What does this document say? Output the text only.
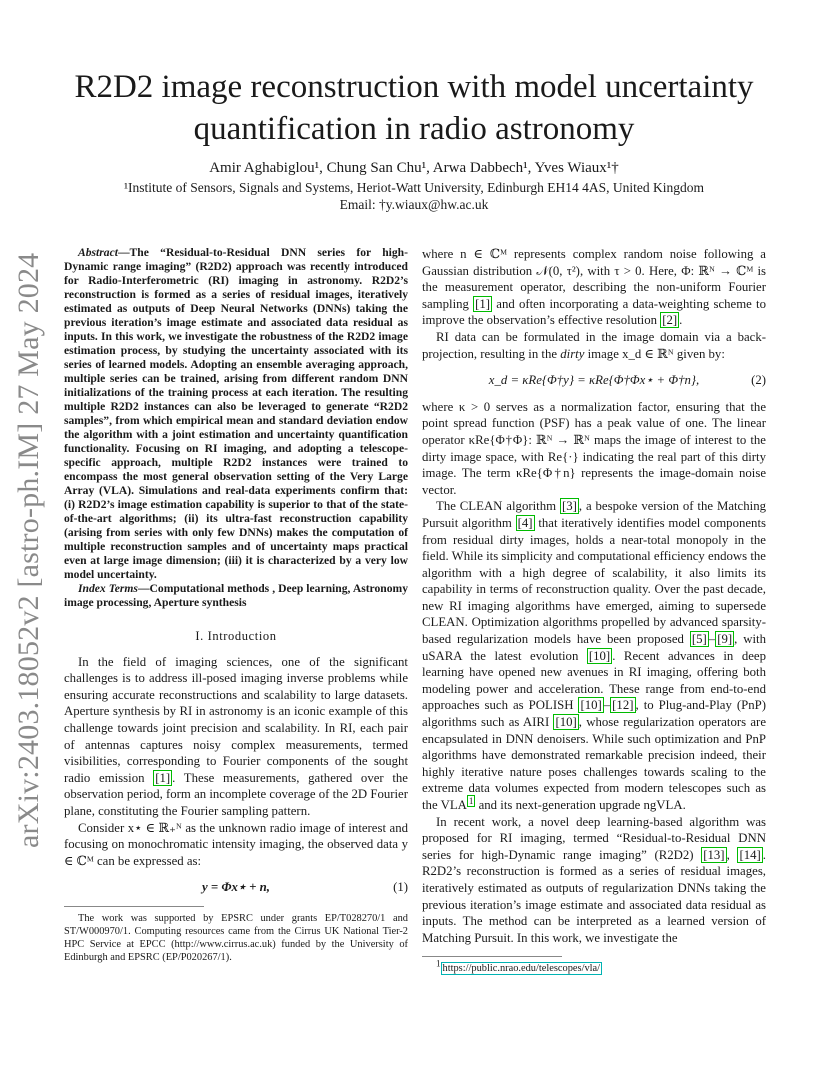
arXiv:2403.18052v2 [astro-ph.IM] 27 May 2024
R2D2 image reconstruction with model uncertainty quantification in radio astronomy
Amir Aghabiglou¹, Chung San Chu¹, Arwa Dabbech¹, Yves Wiaux¹†
¹Institute of Sensors, Signals and Systems, Heriot-Watt University, Edinburgh EH14 4AS, United Kingdom
Email: †y.wiaux@hw.ac.uk

Abstract—The “Residual-to-Residual DNN series for high-Dynamic range imaging” (R2D2) approach was recently introduced for Radio-Interferometric (RI) imaging in astronomy. R2D2’s reconstruction is formed as a series of residual images, iteratively estimated as outputs of Deep Neural Networks (DNNs) taking the previous iteration’s image estimate and associated data residual as inputs. In this work, we investigate the robustness of the R2D2 image estimation process, by studying the uncertainty associated with its series of learned models. Adopting an ensemble averaging approach, multiple series can be trained, arising from different random DNN initializations of the training process at each iteration. The resulting multiple R2D2 instances can also be leveraged to generate “R2D2 samples”, from which empirical mean and standard deviation endow the algorithm with a joint estimation and uncertainty quantification functionality. Focusing on RI imaging, and adopting a telescope-specific approach, multiple R2D2 instances were trained to encompass the most general observation setting of the Very Large Array (VLA). Simulations and real-data experiments confirm that: (i) R2D2’s image estimation capability is superior to that of the state-of-the-art algorithms; (ii) its ultra-fast reconstruction capability (arising from series with only few DNNs) makes the computation of multiple reconstruction samples and of uncertainty maps practical even at large image dimension; (iii) it is characterized by a very low model uncertainty.

Index Terms—Computational methods , Deep learning, Astronomy image processing, Aperture synthesis

I. Introduction

In the field of imaging sciences, one of the significant challenges is to address ill-posed imaging inverse problems while ensuring accurate reconstructions and scalability to large datasets. Aperture synthesis by RI in astronomy is an iconic example of this challenge towards joint precision and scalability. In RI, each pair of antennas captures noisy complex measurements, termed visibilities, corresponding to Fourier components of the sought radio emission [1] . These measurements, gathered over the observation period, form an incomplete coverage of the 2D Fourier plane, constituting the Fourier sampling pattern.

Consider x⋆ ∈ ℝ₊ᴺ as the unknown radio image of interest and focusing on monochromatic intensity imaging, the observed data y ∈ ℂᴹ can be expressed as:

y = Φx⋆ + n,	(1)

The work was supported by EPSRC under grants EP/T028270/1 and ST/W000970/1. Computing resources came from the Cirrus UK National Tier-2 HPC Service at EPCC (http://www.cirrus.ac.uk) funded by the University of Edinburgh and EPSRC (EP/P020267/1).

where n ∈ ℂᴹ represents complex random noise following a Gaussian distribution 𝒩(0, τ²), with τ > 0. Here, Φ: ℝᴺ → ℂᴹ is the measurement operator, describing the non-uniform Fourier sampling [1] and often incorporating a data-weighting scheme to improve the observation’s effective resolution [2] .

RI data can be formulated in the image domain via a back-projection, resulting in the dirty image x_d ∈ ℝᴺ given by:

x_d = κRe{Φ†y} = κRe{Φ†Φx⋆ + Φ†n},	(2)

where κ > 0 serves as a normalization factor, ensuring that the point spread function (PSF) has a peak value of one. The linear operator κRe{Φ†Φ}: ℝᴺ → ℝᴺ maps the image of interest to the dirty image space, with Re{·} indicating the real part of this dirty image. The term κRe{Φ†n} represents the image-domain noise vector.

The CLEAN algorithm [3] , a bespoke version of the Matching Pursuit algorithm [4] that iteratively identifies model components from residual dirty images, holds a near-total monopoly in the field. While its simplicity and computational efficiency endows the algorithm with a high degree of scalability, it also limits its capability in terms of reconstruction quality. Over the past decade, new RI imaging algorithms have emerged, aiming to supersede CLEAN. Optimization algorithms propelled by advanced sparsity-based regularization models have been proposed [5] – [9] , with uSARA the latest evolution [10] . Recent advances in deep learning have opened new avenues in RI imaging, offering both modeling power and acceleration. These range from end-to-end approaches such as POLISH [10] – [12] , to Plug-and-Play (PnP) algorithms such as AIRI [10] , whose regularization operators are encapsulated in DNN denoisers. While such optimization and PnP algorithms have demonstrated remarkable precision indeed, their highly iterative nature poses challenges towards scaling to the extreme data volumes expected from modern telescopes such as the VLA $^1$ and its next-generation upgrade ngVLA.

In recent work, a novel deep learning-based algorithm was proposed for RI imaging, termed “Residual-to-Residual DNN series for high-Dynamic range imaging” (R2D2) [13] , [14] . R2D2’s reconstruction is formed as a series of residual images, iteratively estimated as outputs of regularization DNNs taking the previous iteration’s image estimate and associated data residual as inputs. The method can be interpreted as a learned version of Matching Pursuit. In this work, we investigate the

$^1$ https://public.nrao.edu/telescopes/vla/
